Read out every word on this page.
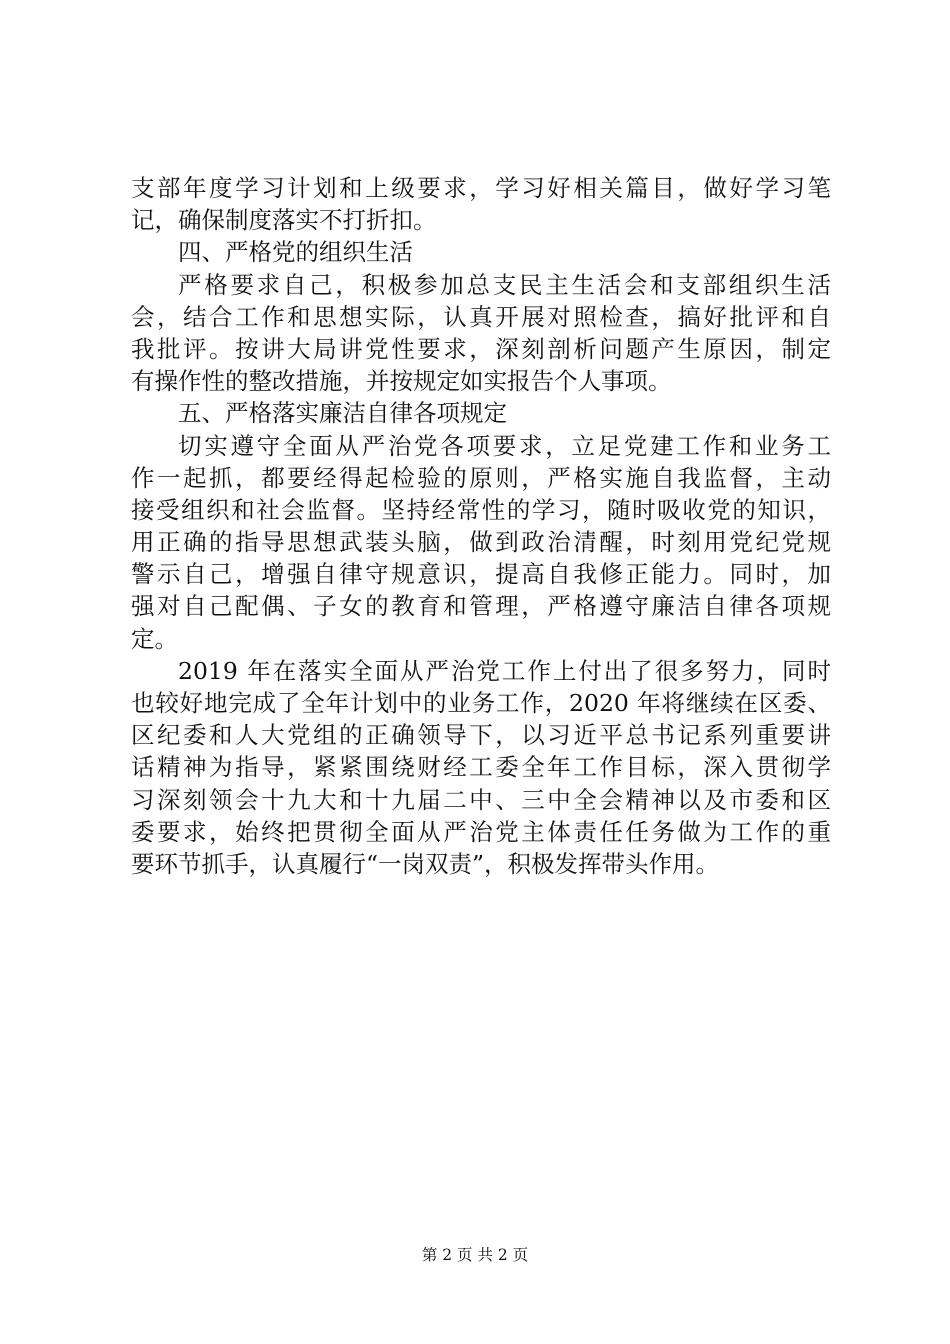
支部年度学习计划和上级要求，学习好相关篇目，做好学习笔
记，确保制度落实不打折扣。
四、严格党的组织生活
严格要求自己，积极参加总支民主生活会和支部组织生活
会，结合工作和思想实际，认真开展对照检查，搞好批评和自
我批评。按讲大局讲党性要求，深刻剖析问题产生原因，制定
有操作性的整改措施，并按规定如实报告个人事项。
五、严格落实廉洁自律各项规定
切实遵守全面从严治党各项要求，立足党建工作和业务工
作一起抓，都要经得起检验的原则，严格实施自我监督，主动
接受组织和社会监督。坚持经常性的学习，随时吸收党的知识，
用正确的指导思想武装头脑，做到政治清醒，时刻用党纪党规
警示自己，增强自律守规意识，提高自我修正能力。同时，加
强对自己配偶、子女的教育和管理，严格遵守廉洁自律各项规
定。
2019 年在落实全面从严治党工作上付出了很多努力，同时
也较好地完成了全年计划中的业务工作，2020 年将继续在区委、
区纪委和人大党组的正确领导下，以习近平总书记系列重要讲
话精神为指导，紧紧围绕财经工委全年工作目标，深入贯彻学
习深刻领会十九大和十九届二中、三中全会精神以及市委和区
委要求，始终把贯彻全面从严治党主体责任任务做为工作的重
要环节抓手，认真履行“一岗双责”，积极发挥带头作用。
第 2 页 共 2 页
